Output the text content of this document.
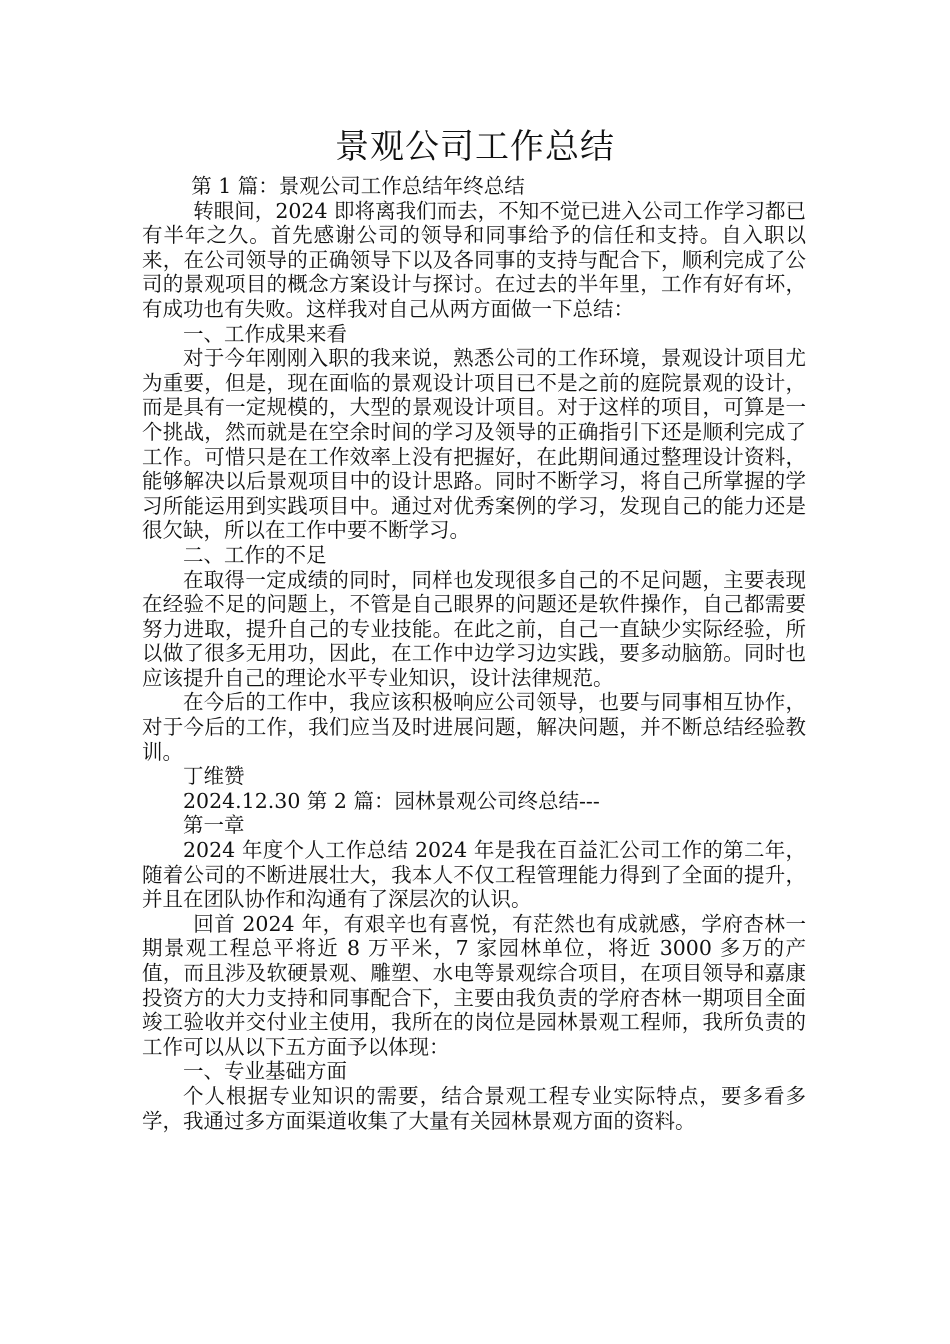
景观公司工作总结

第 1 篇：景观公司工作总结年终总结

转眼间，2024 即将离我们而去，不知不觉已进入公司工作学习都已有半年之久。首先感谢公司的领导和同事给予的信任和支持。自入职以来，在公司领导的正确领导下以及各同事的支持与配合下，顺利完成了公司的景观项目的概念方案设计与探讨。在过去的半年里，工作有好有坏，有成功也有失败。这样我对自己从两方面做一下总结：

一、工作成果来看

对于今年刚刚入职的我来说，熟悉公司的工作环境，景观设计项目尤为重要，但是，现在面临的景观设计项目已不是之前的庭院景观的设计，而是具有一定规模的，大型的景观设计项目。对于这样的项目，可算是一个挑战，然而就是在空余时间的学习及领导的正确指引下还是顺利完成了工作。可惜只是在工作效率上没有把握好，在此期间通过整理设计资料，能够解决以后景观项目中的设计思路。同时不断学习，将自己所掌握的学习所能运用到实践项目中。通过对优秀案例的学习，发现自己的能力还是很欠缺，所以在工作中要不断学习。

二、工作的不足

在取得一定成绩的同时，同样也发现很多自己的不足问题，主要表现在经验不足的问题上，不管是自己眼界的问题还是软件操作，自己都需要努力进取，提升自己的专业技能。在此之前，自己一直缺少实际经验，所以做了很多无用功，因此，在工作中边学习边实践，要多动脑筋。同时也应该提升自己的理论水平专业知识，设计法律规范。

在今后的工作中，我应该积极响应公司领导，也要与同事相互协作，对于今后的工作，我们应当及时进展问题，解决问题，并不断总结经验教训。

丁维赞

2024.12.30 第 2 篇：园林景观公司终总结---

第一章

2024 年度个人工作总结 2024 年是我在百益汇公司工作的第二年，随着公司的不断进展壮大，我本人不仅工程管理能力得到了全面的提升，并且在团队协作和沟通有了深层次的认识。

回首 2024 年，有艰辛也有喜悦，有茫然也有成就感，学府杏林一期景观工程总平将近 8 万平米，7 家园林单位，将近 3000 多万的产值，而且涉及软硬景观、雕塑、水电等景观综合项目，在项目领导和嘉康投资方的大力支持和同事配合下，主要由我负责的学府杏林一期项目全面竣工验收并交付业主使用，我所在的岗位是园林景观工程师，我所负责的工作可以从以下五方面予以体现：

一、专业基础方面

个人根据专业知识的需要，结合景观工程专业实际特点，要多看多学，我通过多方面渠道收集了大量有关园林景观方面的资料。
